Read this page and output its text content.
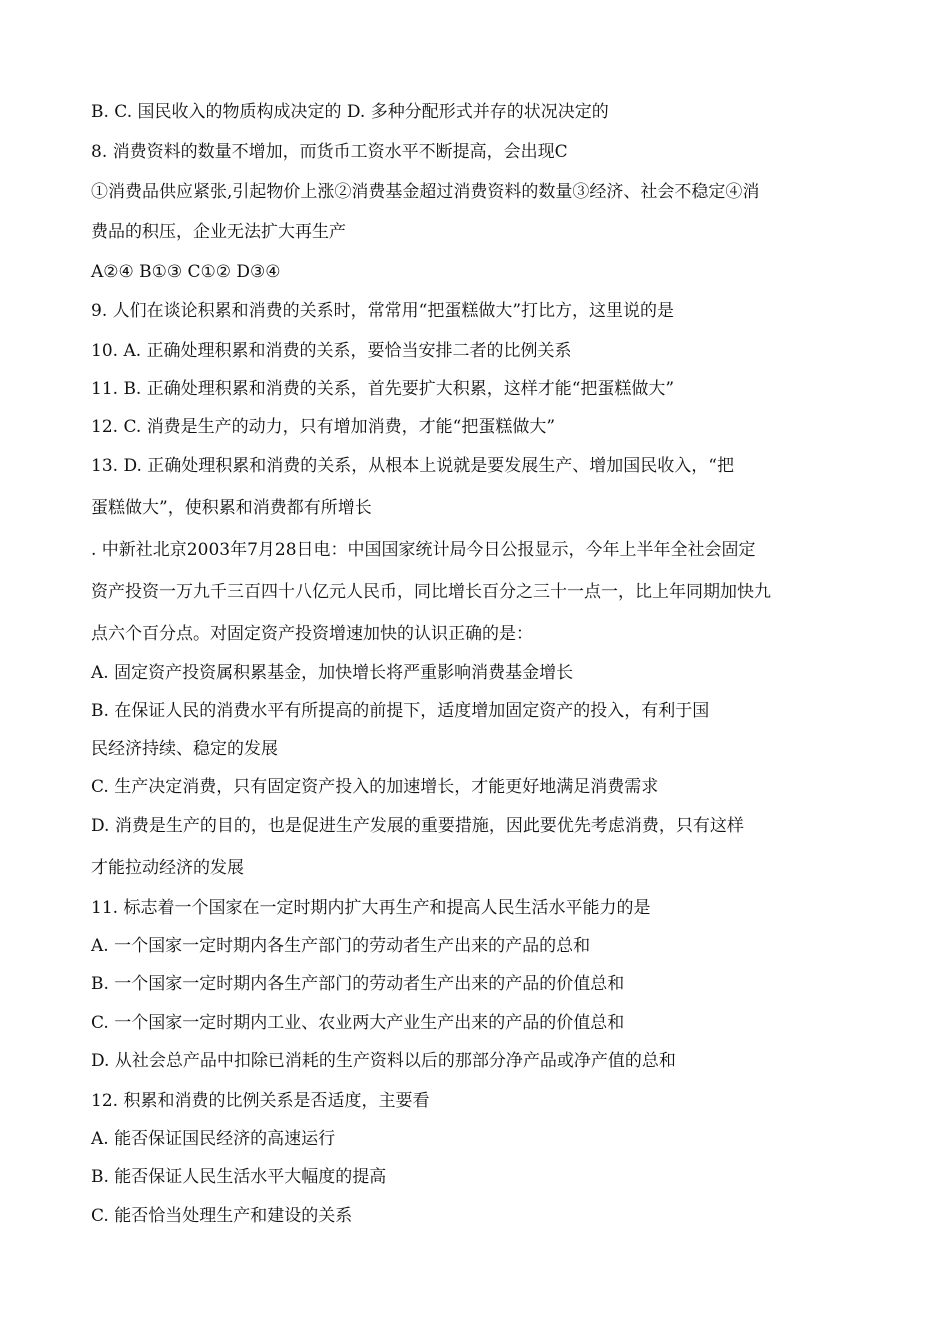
B. C. 国民收入的物质构成决定的 D. 多种分配形式并存的状况决定的
8. 消费资料的数量不增加，而货币工资水平不断提高，会出现C
①消费品供应紧张,引起物价上涨②消费基金超过消费资料的数量③经济、社会不稳定④消
费品的积压，企业无法扩大再生产
A②④ B①③ C①② D③④
9. 人们在谈论积累和消费的关系时，常常用“把蛋糕做大”打比方，这里说的是
10. A. 正确处理积累和消费的关系，要恰当安排二者的比例关系
11. B. 正确处理积累和消费的关系，首先要扩大积累，这样才能“把蛋糕做大”
12. C. 消费是生产的动力，只有增加消费，才能“把蛋糕做大”
13. D. 正确处理积累和消费的关系，从根本上说就是要发展生产、增加国民收入，“把
蛋糕做大”，使积累和消费都有所增长
. 中新社北京2003年7月28日电：中国国家统计局今日公报显示，今年上半年全社会固定
资产投资一万九千三百四十八亿元人民币，同比增长百分之三十一点一，比上年同期加快九
点六个百分点。对固定资产投资增速加快的认识正确的是：
A. 固定资产投资属积累基金，加快增长将严重影响消费基金增长
B. 在保证人民的消费水平有所提高的前提下，适度增加固定资产的投入，有利于国
民经济持续、稳定的发展
C. 生产决定消费，只有固定资产投入的加速增长，才能更好地满足消费需求
D. 消费是生产的目的，也是促进生产发展的重要措施，因此要优先考虑消费，只有这样
才能拉动经济的发展
11. 标志着一个国家在一定时期内扩大再生产和提高人民生活水平能力的是
A. 一个国家一定时期内各生产部门的劳动者生产出来的产品的总和
B. 一个国家一定时期内各生产部门的劳动者生产出来的产品的价值总和
C. 一个国家一定时期内工业、农业两大产业生产出来的产品的价值总和
D. 从社会总产品中扣除已消耗的生产资料以后的那部分净产品或净产值的总和
12. 积累和消费的比例关系是否适度，主要看
A. 能否保证国民经济的高速运行
B. 能否保证人民生活水平大幅度的提高
C. 能否恰当处理生产和建设的关系
